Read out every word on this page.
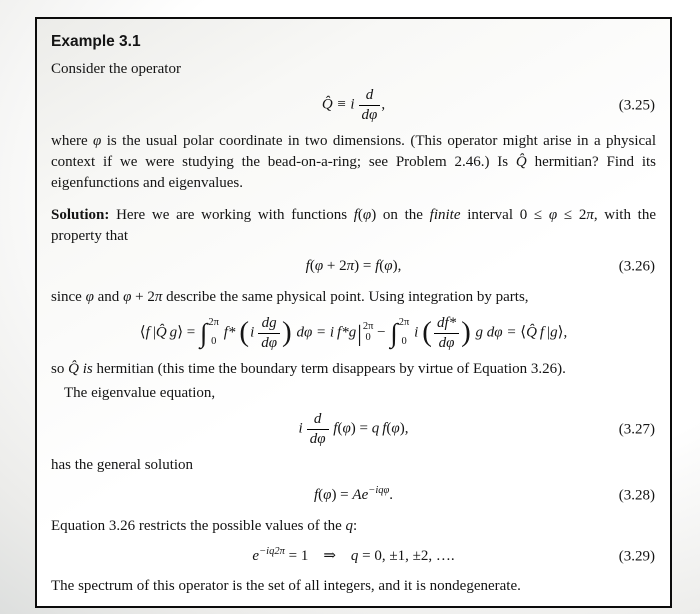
Example 3.1
Consider the operator
Q̂ ≡ i  $\frac{d}{d\varphi}$ ,	(3.25)
where φ is the usual polar coordinate in two dimensions. (This operator might arise in a physical context if we were studying the bead-on-a-ring; see Problem 2.46.) Is Q̂ hermitian? Find its eigenfunctions and eigenvalues.
Solution: Here we are working with functions f(φ) on the finite interval 0 ≤ φ ≤ 2π, with the property that
f(φ + 2π) = f(φ),	(3.26)
since φ and φ + 2π describe the same physical point. Using integration by parts,
⟨f |Q̂ g⟩ = ∫ 2π
0
f* ($i \frac{dg}{d\varphi}$ ) dφ = i f*g | 2π
0 − ∫ 2π
0
i ( $\frac{df*}{d\varphi}$ ) g dφ = ⟨Q̂ f |g⟩,
so Q̂ is hermitian (this time the boundary term disappears by virtue of Equation 3.26).
The eigenvalue equation,
i  $\frac{d}{d\varphi} f(\varphi) = q$ f(φ),	(3.27)
has the general solution
$f(\varphi) = Ae^{-iq\varphi}$.	(3.28)
Equation 3.26 restricts the possible values of the q:
$e^{-iq2\pi} = 1$ ⇒ q = 0, ±1, ±2, ….	(3.29)
The spectrum of this operator is the set of all integers, and it is nondegenerate.
